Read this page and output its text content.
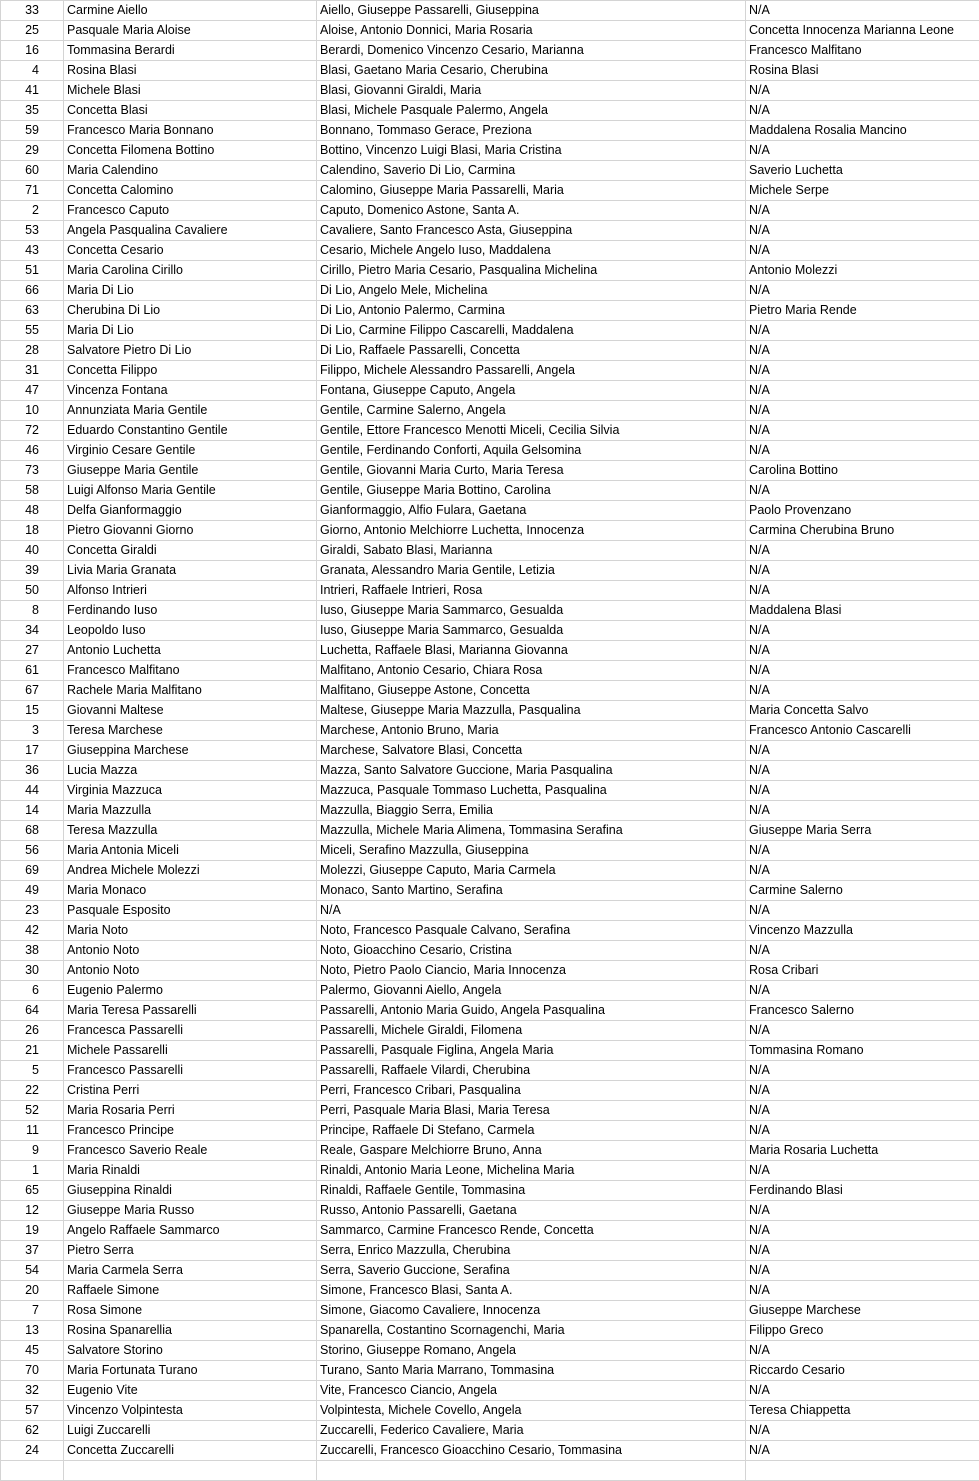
33	Carmine Aiello	Aiello, Giuseppe Passarelli, Giuseppina	N/A
25	Pasquale Maria Aloise	Aloise, Antonio Donnici, Maria Rosaria	Concetta Innocenza Marianna Leone
16	Tommasina Berardi	Berardi, Domenico Vincenzo Cesario, Marianna	Francesco Malfitano
4	Rosina Blasi	Blasi, Gaetano Maria Cesario, Cherubina	Rosina Blasi
41	Michele Blasi	Blasi, Giovanni Giraldi, Maria	N/A
35	Concetta Blasi	Blasi, Michele Pasquale Palermo, Angela	N/A
59	Francesco Maria Bonnano	Bonnano, Tommaso Gerace, Preziona	Maddalena Rosalia Mancino
29	Concetta Filomena Bottino	Bottino, Vincenzo Luigi Blasi, Maria Cristina	N/A
60	Maria Calendino	Calendino, Saverio Di Lio, Carmina	Saverio Luchetta
71	Concetta Calomino	Calomino, Giuseppe Maria Passarelli, Maria	Michele Serpe
2	Francesco Caputo	Caputo, Domenico Astone, Santa A.	N/A
53	Angela Pasqualina Cavaliere	Cavaliere, Santo Francesco Asta, Giuseppina	N/A
43	Concetta Cesario	Cesario, Michele Angelo Iuso, Maddalena	N/A
51	Maria Carolina Cirillo	Cirillo, Pietro Maria Cesario, Pasqualina Michelina	Antonio Molezzi
66	Maria Di Lio	Di Lio, Angelo Mele, Michelina	N/A
63	Cherubina Di Lio	Di Lio, Antonio Palermo, Carmina	Pietro Maria Rende
55	Maria Di Lio	Di Lio, Carmine Filippo Cascarelli, Maddalena	N/A
28	Salvatore Pietro Di Lio	Di Lio, Raffaele Passarelli, Concetta	N/A
31	Concetta Filippo	Filippo, Michele Alessandro Passarelli, Angela	N/A
47	Vincenza Fontana	Fontana, Giuseppe Caputo, Angela	N/A
10	Annunziata Maria Gentile	Gentile, Carmine Salerno, Angela	N/A
72	Eduardo Constantino Gentile	Gentile, Ettore Francesco Menotti Miceli, Cecilia Silvia	N/A
46	Virginio Cesare Gentile	Gentile, Ferdinando Conforti, Aquila Gelsomina	N/A
73	Giuseppe Maria Gentile	Gentile, Giovanni Maria Curto, Maria Teresa	Carolina Bottino
58	Luigi Alfonso Maria Gentile	Gentile, Giuseppe Maria Bottino, Carolina	N/A
48	Delfa Gianformaggio	Gianformaggio, Alfio Fulara, Gaetana	Paolo Provenzano
18	Pietro Giovanni Giorno	Giorno, Antonio Melchiorre Luchetta, Innocenza	Carmina Cherubina Bruno
40	Concetta Giraldi	Giraldi, Sabato Blasi, Marianna	N/A
39	Livia Maria Granata	Granata, Alessandro Maria Gentile, Letizia	N/A
50	Alfonso Intrieri	Intrieri, Raffaele Intrieri, Rosa	N/A
8	Ferdinando Iuso	Iuso, Giuseppe Maria Sammarco, Gesualda	Maddalena Blasi
34	Leopoldo Iuso	Iuso, Giuseppe Maria Sammarco, Gesualda	N/A
27	Antonio Luchetta	Luchetta, Raffaele Blasi, Marianna Giovanna	N/A
61	Francesco Malfitano	Malfitano, Antonio Cesario, Chiara Rosa	N/A
67	Rachele Maria Malfitano	Malfitano, Giuseppe Astone, Concetta	N/A
15	Giovanni Maltese	Maltese, Giuseppe Maria Mazzulla, Pasqualina	Maria Concetta Salvo
3	Teresa Marchese	Marchese, Antonio Bruno, Maria	Francesco Antonio Cascarelli
17	Giuseppina Marchese	Marchese, Salvatore Blasi, Concetta	N/A
36	Lucia Mazza	Mazza, Santo Salvatore Guccione, Maria Pasqualina	N/A
44	Virginia Mazzuca	Mazzuca, Pasquale Tommaso Luchetta, Pasqualina	N/A
14	Maria Mazzulla	Mazzulla, Biaggio Serra, Emilia	N/A
68	Teresa Mazzulla	Mazzulla, Michele Maria Alimena, Tommasina Serafina	Giuseppe Maria Serra
56	Maria Antonia Miceli	Miceli, Serafino Mazzulla, Giuseppina	N/A
69	Andrea Michele Molezzi	Molezzi, Giuseppe Caputo, Maria Carmela	N/A
49	Maria Monaco	Monaco, Santo Martino, Serafina	Carmine Salerno
23	Pasquale Esposito	N/A	N/A
42	Maria Noto	Noto, Francesco Pasquale Calvano, Serafina	Vincenzo Mazzulla
38	Antonio Noto	Noto, Gioacchino Cesario, Cristina	N/A
30	Antonio Noto	Noto, Pietro Paolo Ciancio, Maria Innocenza	Rosa Cribari
6	Eugenio Palermo	Palermo, Giovanni Aiello, Angela	N/A
64	Maria Teresa Passarelli	Passarelli, Antonio Maria Guido, Angela Pasqualina	Francesco Salerno
26	Francesca Passarelli	Passarelli, Michele Giraldi, Filomena	N/A
21	Michele Passarelli	Passarelli, Pasquale Figlina, Angela Maria	Tommasina Romano
5	Francesco Passarelli	Passarelli, Raffaele Vilardi, Cherubina	N/A
22	Cristina Perri	Perri, Francesco Cribari, Pasqualina	N/A
52	Maria Rosaria Perri	Perri, Pasquale Maria Blasi, Maria Teresa	N/A
11	Francesco Principe	Principe, Raffaele Di Stefano, Carmela	N/A
9	Francesco Saverio Reale	Reale, Gaspare Melchiorre Bruno, Anna	Maria Rosaria Luchetta
1	Maria Rinaldi	Rinaldi, Antonio Maria Leone, Michelina Maria	N/A
65	Giuseppina Rinaldi	Rinaldi, Raffaele Gentile, Tommasina	Ferdinando Blasi
12	Giuseppe Maria Russo	Russo, Antonio Passarelli, Gaetana	N/A
19	Angelo Raffaele Sammarco	Sammarco, Carmine Francesco Rende, Concetta	N/A
37	Pietro Serra	Serra, Enrico Mazzulla, Cherubina	N/A
54	Maria Carmela Serra	Serra, Saverio Guccione, Serafina	N/A
20	Raffaele Simone	Simone, Francesco Blasi, Santa A.	N/A
7	Rosa Simone	Simone, Giacomo Cavaliere, Innocenza	Giuseppe Marchese
13	Rosina Spanarellia	Spanarella, Costantino Scornagenchi, Maria	Filippo Greco
45	Salvatore Storino	Storino, Giuseppe Romano, Angela	N/A
70	Maria Fortunata Turano	Turano, Santo Maria Marrano, Tommasina	Riccardo Cesario
32	Eugenio Vite	Vite, Francesco Ciancio, Angela	N/A
57	Vincenzo Volpintesta	Volpintesta, Michele Covello, Angela	Teresa Chiappetta
62	Luigi Zuccarelli	Zuccarelli, Federico Cavaliere, Maria	N/A
24	Concetta Zuccarelli	Zuccarelli, Francesco Gioacchino Cesario, Tommasina	N/A
